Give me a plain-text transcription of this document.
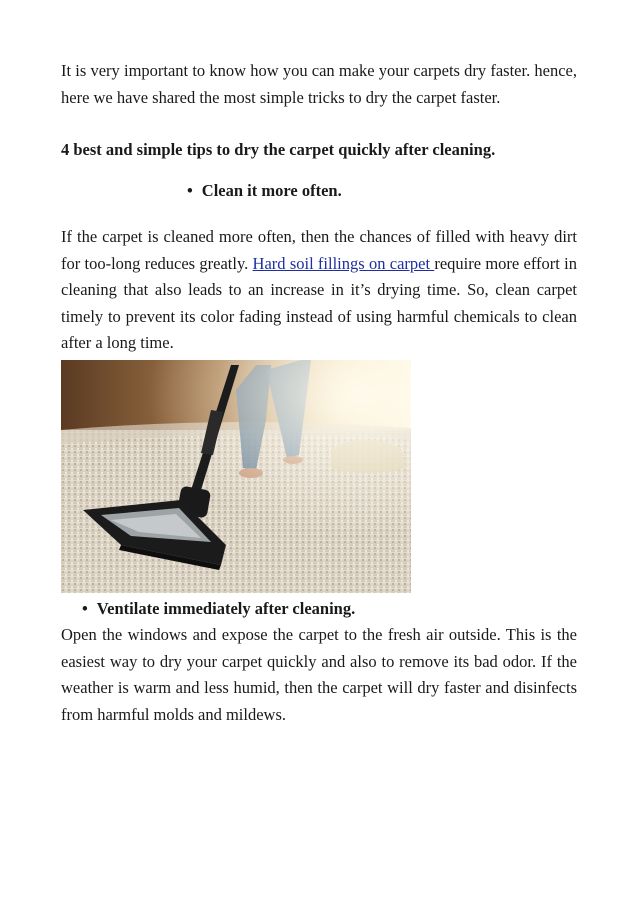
It is very important to know how you can make your carpets dry faster. hence, here we have shared the most simple tricks to dry the carpet faster.

4 best and simple tips to dry the carpet quickly after cleaning.
• Clean it more often.

If the carpet is cleaned more often, then the chances of filled with heavy dirt for too-long reduces greatly. Hard soil fillings on carpet require more effort in cleaning that also leads to an increase in it’s drying time. So, clean carpet timely to prevent its color fading instead of using harmful chemicals to clean after a long time.

• Ventilate immediately after cleaning.

Open the windows and expose the carpet to the fresh air outside. This is the easiest way to dry your carpet quickly and also to remove its bad odor. If the weather is warm and less humid, then the carpet will dry faster and disinfects from harmful molds and mildews.
